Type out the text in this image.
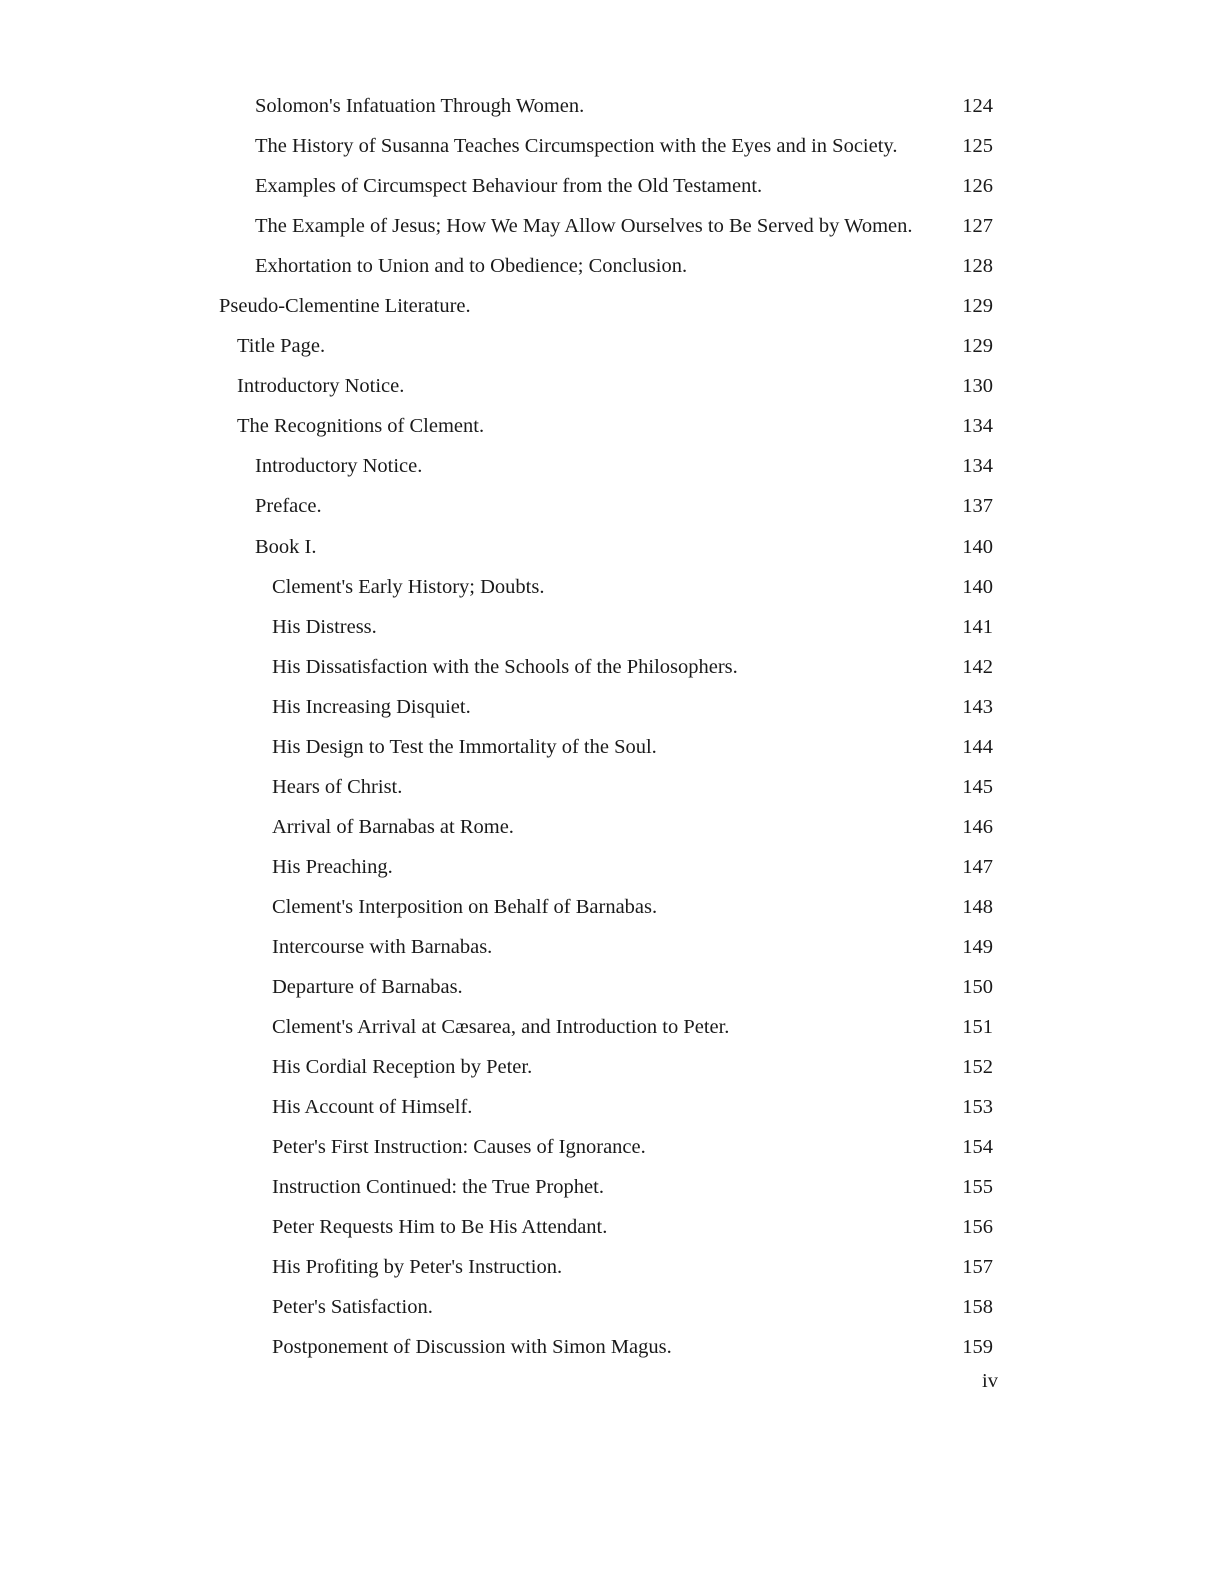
Solomon's Infatuation Through Women.	124
The History of Susanna Teaches Circumspection with the Eyes and in Society.	125
Examples of Circumspect Behaviour from the Old Testament.	126
The Example of Jesus; How We May Allow Ourselves to Be Served by Women. 127
Exhortation to Union and to Obedience; Conclusion.	128
Pseudo-Clementine Literature.	129
Title Page.	129
Introductory Notice.	130
The Recognitions of Clement.	134
Introductory Notice.	134
Preface.	137
Book I.	140
Clement's Early History; Doubts.	140
His Distress.	141
His Dissatisfaction with the Schools of the Philosophers.	142
His Increasing Disquiet.	143
His Design to Test the Immortality of the Soul.	144
Hears of Christ.	145
Arrival of Barnabas at Rome.	146
His Preaching.	147
Clement's Interposition on Behalf of Barnabas.	148
Intercourse with Barnabas.	149
Departure of Barnabas.	150
Clement's Arrival at Cæsarea, and Introduction to Peter.	151
His Cordial Reception by Peter.	152
His Account of Himself.	153
Peter's First Instruction: Causes of Ignorance.	154
Instruction Continued: the True Prophet.	155
Peter Requests Him to Be His Attendant.	156
His Profiting by Peter's Instruction.	157
Peter's Satisfaction.	158
Postponement of Discussion with Simon Magus.	159
iv
